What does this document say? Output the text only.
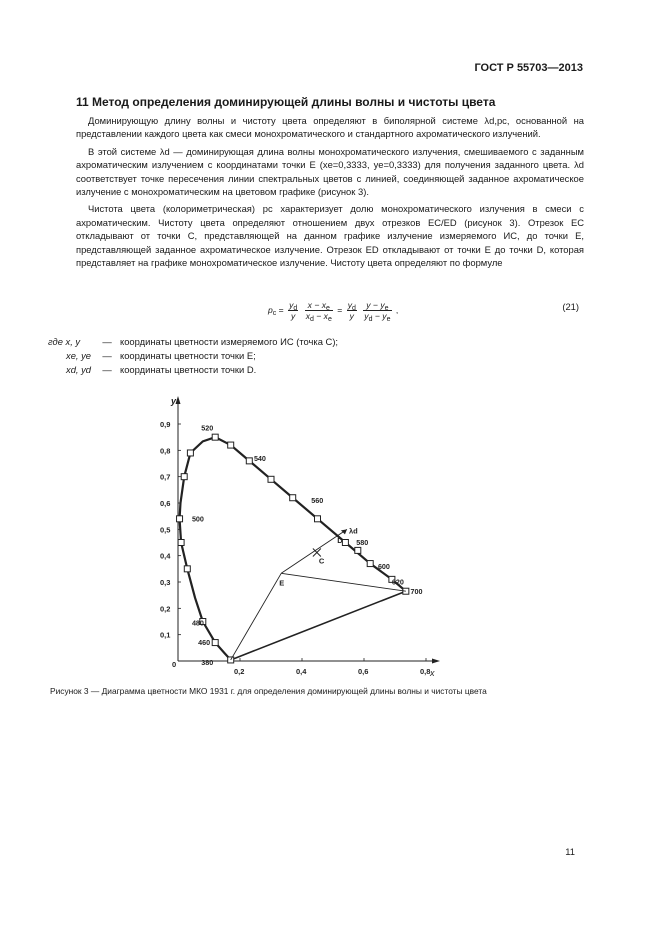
ГОСТ Р 55703—2013
11 Метод определения доминирующей длины волны и чистоты цвета

Доминирующую длину волны и чистоту цвета определяют в биполярной системе λd,pc, основанной на представлении каждого цвета как смеси монохроматического и стандартного ахроматического излучений.

В этой системе λd — доминирующая длина волны монохроматического излучения, смешиваемого с заданным ахроматическим излучением с координатами точки E (xe=0,3333, ye=0,3333) для получения заданного цвета. λd соответствует точке пересечения линии спектральных цветов с линией, соединяющей заданное ахроматическое излучение с монохроматическим на цветовом графике (рисунок 3).

Чистота цвета (колориметрическая) pc характеризует долю монохроматического излучения в смеси с ахроматическим. Чистоту цвета определяют отношением двух отрезков EC/ED (рисунок 3). Отрезок EC откладывают от точки C, представляющей на данном графике излучение измеряемого ИС, до точки E, представляющей заданное ахроматическое излучение. Отрезок ED откладывают от точки E до точки D, которая представляет на графике монохроматическое излучение. Чистоту цвета определяют по формуле

$p_c = \frac{y_d}{y}$
$\frac{x - x_e}{x_d - x_e} = \frac{y_d}{y}$
$\frac{y - y_e}{y_d - y_e}$ ,	(21)
где x, y	— координаты цветности измеряемого ИС (точка C);
xe, ye	— координаты цветности точки E;
xd, yd	— координаты цветности точки D.
y
x
0
0,1
0,2
0,3
0,4
0,5
0,6
0,7
0,8
0,9
0,2	0,4	0,6	0,8
520
540
560
580
600
620
700
500
480
460
380
E
C
D
λd
Рисунок 3 — Диаграмма цветности МКО 1931 г. для определения доминирующей длины волны и чистоты цвета
11
